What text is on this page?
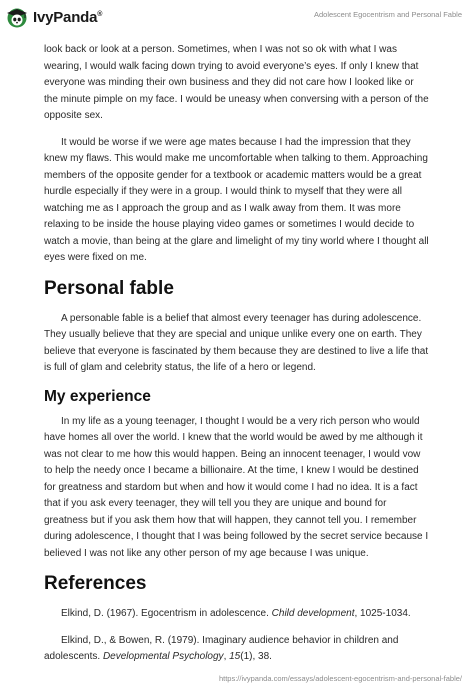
IvyPanda®	Adolescent Egocentrism and Personal Fable

look back or look at a person. Sometimes, when I was not so ok with what I was wearing, I would walk facing down trying to avoid everyone’s eyes. If only I knew that everyone was minding their own business and they did not care how I looked like or the minute pimple on my face. I would be uneasy when conversing with a person of the opposite sex.

It would be worse if we were age mates because I had the impression that they knew my flaws. This would make me uncomfortable when talking to them. Approaching members of the opposite gender for a textbook or academic matters would be a great hurdle especially if they were in a group. I would think to myself that they were all watching me as I approach the group and as I walk away from them. It was more relaxing to be inside the house playing video games or sometimes I would decide to watch a movie, than being at the glare and limelight of my tiny world where I thought all eyes were fixed on me.

Personal fable

A personable fable is a belief that almost every teenager has during adolescence. They usually believe that they are special and unique unlike every one on earth. They believe that everyone is fascinated by them because they are destined to live a life that is full of glam and celebrity status, the life of a hero or legend.

My experience

In my life as a young teenager, I thought I would be a very rich person who would have homes all over the world. I knew that the world would be awed by me although it was not clear to me how this would happen. Being an innocent teenager, I would vow to help the needy once I became a billionaire. At the time, I knew I would be destined for greatness and stardom but when and how it would come I had no idea. It is a fact that if you ask every teenager, they will tell you they are unique and bound for greatness but if you ask them how that will happen, they cannot tell you. I remember during adolescence, I thought that I was being followed by the secret service because I believed I was not like any other person of my age because I was unique.

References

Elkind, D. (1967). Egocentrism in adolescence. Child development, 1025-1034.

Elkind, D., & Bowen, R. (1979). Imaginary audience behavior in children and adolescents. Developmental Psychology, 15(1), 38.

https://ivypanda.com/essays/adolescent-egocentrism-and-personal-fable/
